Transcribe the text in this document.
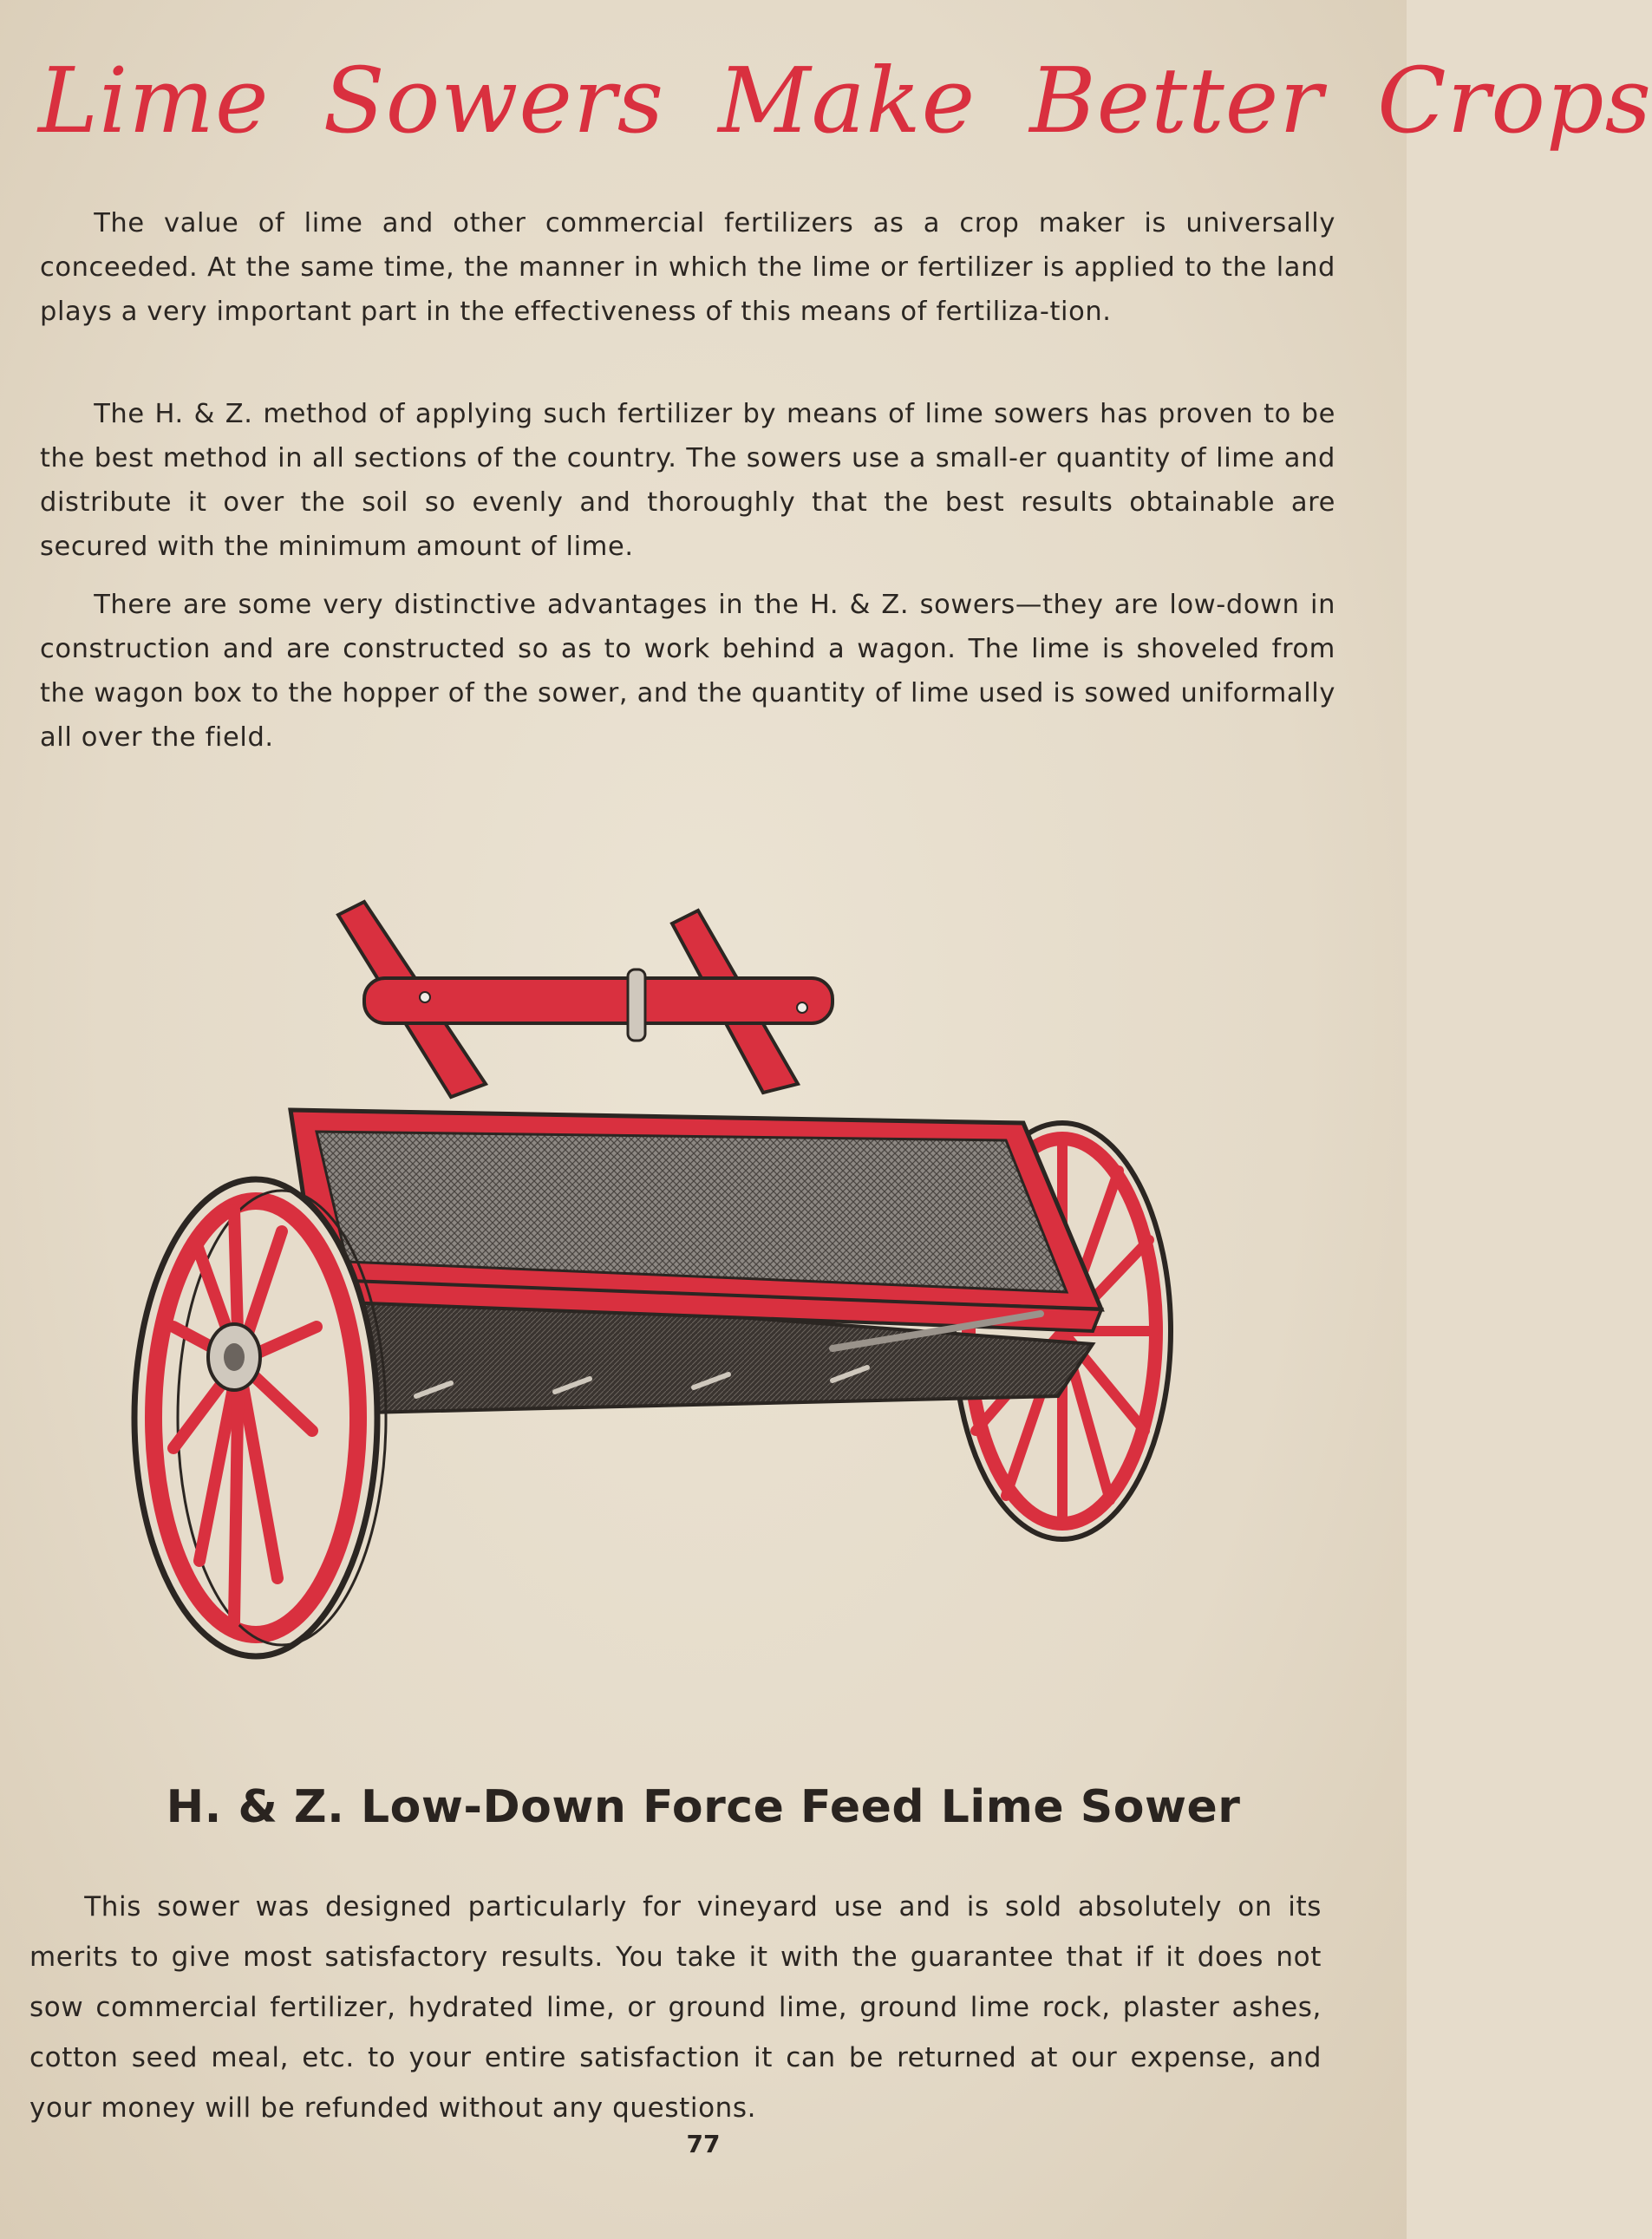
Lime Sowers Make Better Crops

  The value of lime and other commercial fertilizers as a crop maker is universally conceeded. At the same time, the manner in which the lime or fertilizer is applied to the land plays a very important part in the effectiveness of this means of fertiliza-tion.

  The H. & Z. method of applying such fertilizer by means of lime sowers has proven to be the best method in all sections of the country. The sowers use a small-er quantity of lime and distribute it over the soil so evenly and thoroughly that the best results obtainable are secured with the minimum amount of lime.

  There are some very distinctive advantages in the H. & Z. sowers—they are low-down in construction and are constructed so as to work behind a wagon. The lime is shoveled from the wagon box to the hopper of the sower, and the quantity of lime used is sowed uniformally all over the field.

H. & Z. Low-Down Force Feed Lime Sower

  This sower was designed particularly for vineyard use and is sold absolutely on its merits to give most satisfactory results. You take it with the guarantee that if it does not sow commercial fertilizer, hydrated lime, or ground lime, ground lime rock, plaster ashes, cotton seed meal, etc. to your entire satisfaction it can be returned at our expense, and your money will be refunded without any questions.

77
